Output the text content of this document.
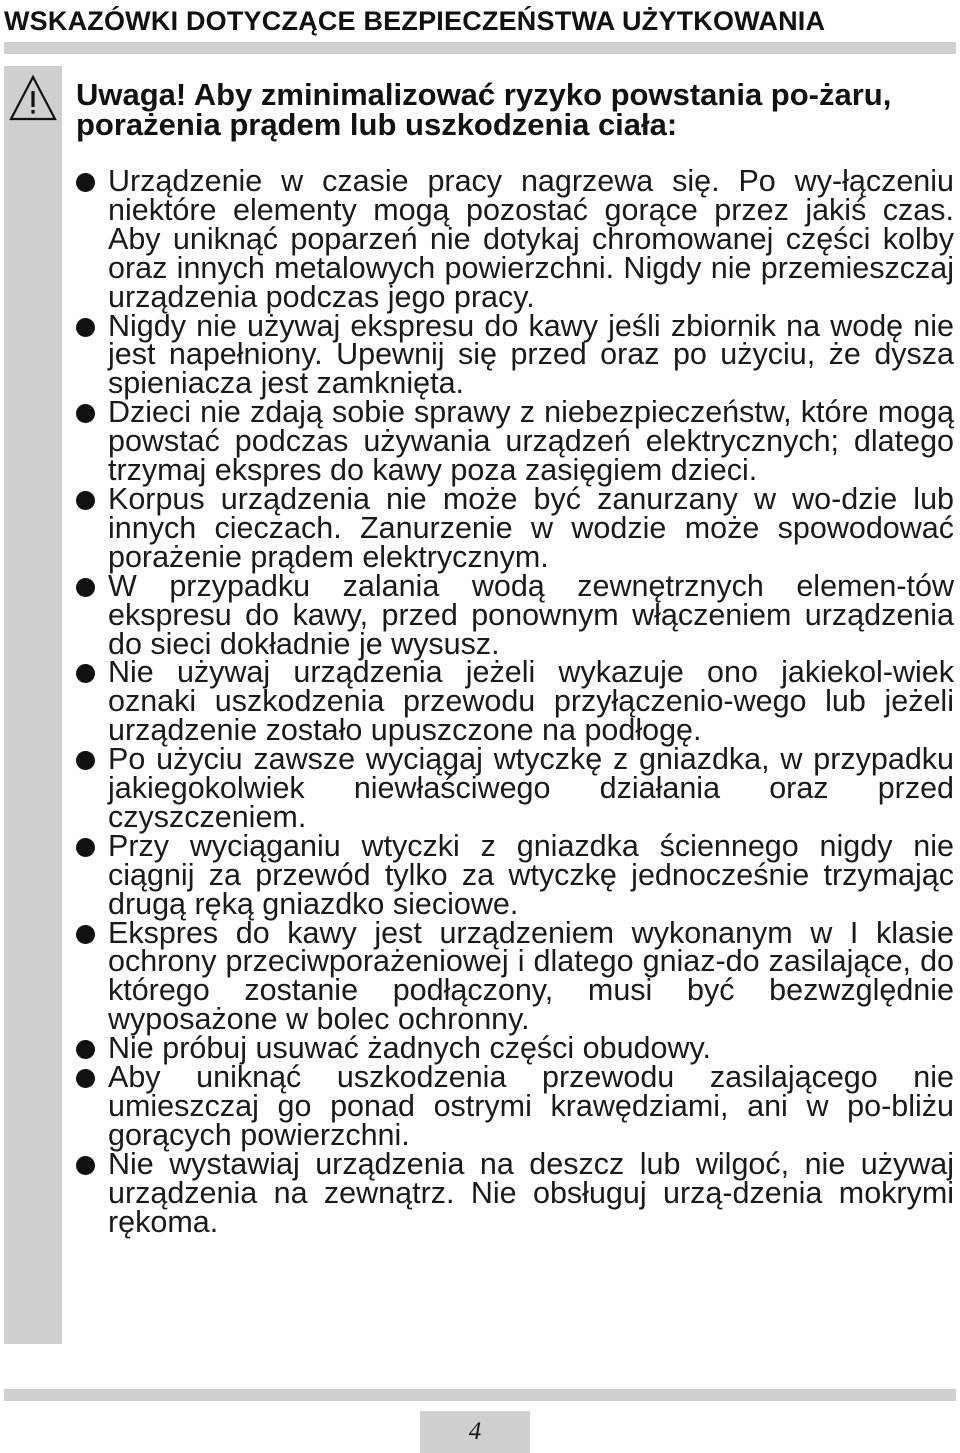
WSKAZÓWKI DOTYCZĄCE BEZPIECZEŃSTWA UŻYTKOWANIA
Uwaga! Aby zminimalizować ryzyko powstania po-żaru, porażenia prądem lub uszkodzenia ciała:
Urządzenie w czasie pracy nagrzewa się. Po wy-łączeniu niektóre elementy mogą pozostać gorące przez jakiś czas. Aby uniknąć poparzeń nie dotykaj chromowanej części kolby oraz innych metalowych powierzchni. Nigdy nie przemieszczaj urządzenia podczas jego pracy.
Nigdy nie używaj ekspresu do kawy jeśli zbiornik na wodę nie jest napełniony. Upewnij się przed oraz po użyciu, że dysza spieniacza jest zamknięta.
Dzieci nie zdają sobie sprawy z niebezpieczeństw, które mogą powstać podczas używania urządzeń elektrycznych; dlatego trzymaj ekspres do kawy poza zasięgiem dzieci.
Korpus urządzenia nie może być zanurzany w wo-dzie lub innych cieczach. Zanurzenie w wodzie może spowodować porażenie prądem elektrycznym.
W przypadku zalania wodą zewnętrznych elemen-tów ekspresu do kawy, przed ponownym włączeniem urządzenia do sieci dokładnie je wysusz.
Nie używaj urządzenia jeżeli wykazuje ono jakiekol-wiek oznaki uszkodzenia przewodu przyłączenio-wego lub jeżeli urządzenie zostało upuszczone na podłogę.
Po użyciu zawsze wyciągaj wtyczkę z gniazdka, w przypadku jakiegokolwiek niewłaściwego działania oraz przed czyszczeniem.
Przy wyciąganiu wtyczki z gniazdka ściennego nigdy nie ciągnij za przewód tylko za wtyczkę jednocześnie trzymając drugą ręką gniazdko sieciowe.
Ekspres do kawy jest urządzeniem wykonanym w I klasie ochrony przeciwporażeniowej i dlatego gniaz-do zasilające, do którego zostanie podłączony, musi być bezwzględnie wyposażone w bolec ochronny.
Nie próbuj usuwać żadnych części obudowy.
Aby uniknąć uszkodzenia przewodu zasilającego nie umieszczaj go ponad ostrymi krawędziami, ani w po-bliżu gorących powierzchni.
Nie wystawiaj urządzenia na deszcz lub wilgoć, nie używaj urządzenia na zewnątrz. Nie obsługuj urzą-dzenia mokrymi rękoma.
4
